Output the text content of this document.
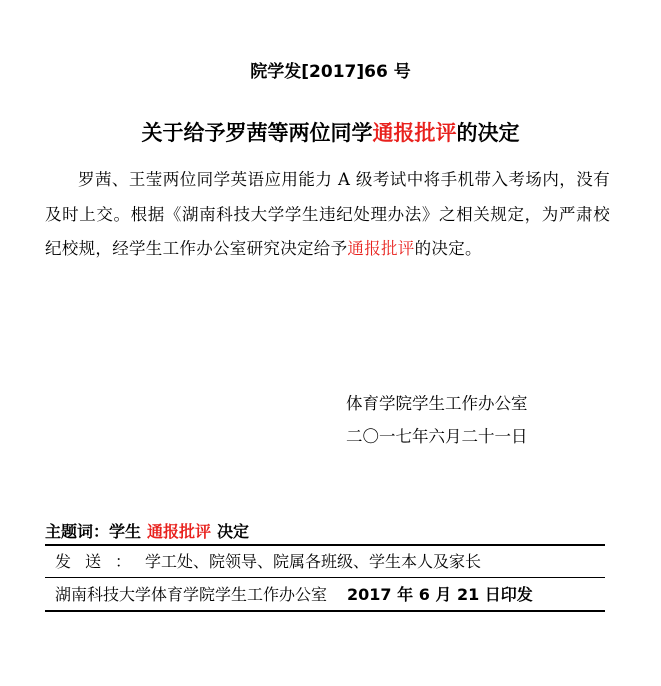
院学发[2017]66 号
关于给予罗茜等两位同学通报批评的决定
罗茜、王莹两位同学英语应用能力 A 级考试中将手机带入考场内，没有及时上交。根据《湖南科技大学学生违纪处理办法》之相关规定，为严肃校纪校规，经学生工作办公室研究决定给予通报批评的决定。
体育学院学生工作办公室
二〇一七年六月二十一日
主题词：学生 通报批评 决定
发送：学工处、院领导、院属各班级、学生本人及家长
湖南科技大学体育学院学生工作办公室 2017 年 6 月 21 日印发
